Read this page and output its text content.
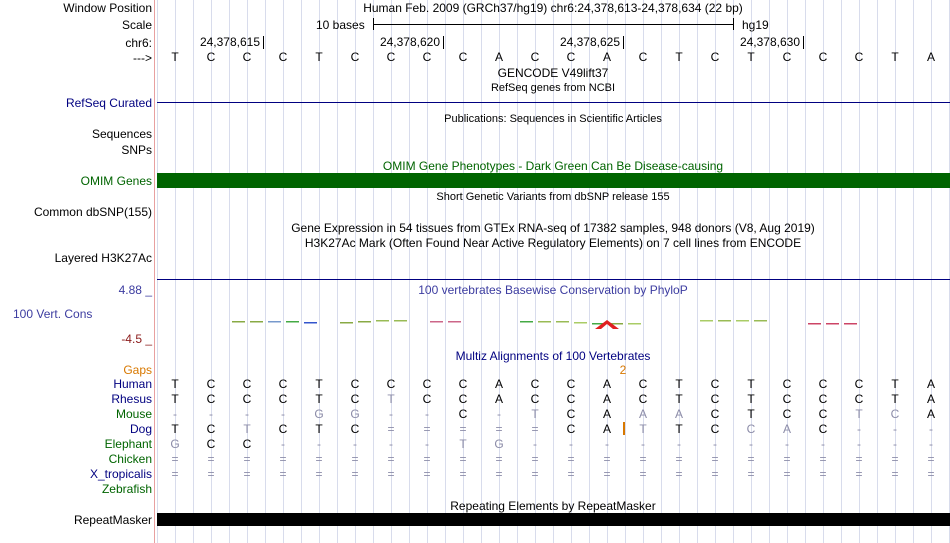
Window Position	Human Feb. 2009 (GRCh37/hg19) chr6:24,378,613-24,378,634 (22 bp)
Scale	10 bases	hg19
chr6:	24,378,615	24,378,620	24,378,625	24,378,630
---> T C C C T C C C C A C C A C T C T C C C T A
GENCODE V49lift37
RefSeq genes from NCBI
RefSeq Curated
Publications: Sequences in Scientific Articles
Sequences
SNPs
OMIM Gene Phenotypes - Dark Green Can Be Disease-causing
OMIM Genes
Short Genetic Variants from dbSNP release 155
Common dbSNP(155)
Gene Expression in 54 tissues from GTEx RNA-seq of 17382 samples, 948 donors (V8, Aug 2019)
H3K27Ac Mark (Often Found Near Active Regulatory Elements) on 7 cell lines from ENCODE
Layered H3K27Ac
4.88 _	100 vertebrates Basewise Conservation by PhyloP
100 Vert. Cons
-4.5 _
Multiz Alignments of 100 Vertebrates
Gaps	2
Human T C C C T C C C C A C C A C T C T C C C T A
Rhesus T C C C T C T C C A C C A C T C T C C C T A
Mouse	-	-	-	-	G G	-	-	C	-	T C A A A C T C C T C A
Dog T C T C T C = = = = = C A T T C C A C	-	-	-
Elephant G C C	-	-	-	-	-	T G	-	-	-	-	-	-	-	-	-	-	-	-
Chicken = = = = = = = = = = = = = = = = = = = = = =
X_tropicalis = = = = = = = = = = = = = = = = = = = = = =
Zebrafish
Repeating Elements by RepeatMasker
RepeatMasker
